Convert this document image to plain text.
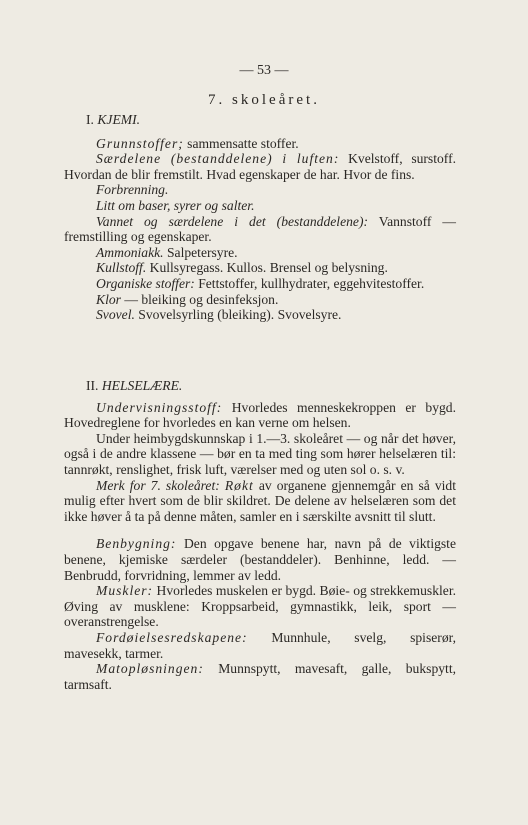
— 53 —
7. skoleåret.
I. KJEMI.

Grunnstoffer; sammensatte stoffer.

Særdelene (bestanddelene) i luften: Kvelstoff, surstoff. Hvordan de blir fremstilt. Hvad egenskaper de har. Hvor de fins.

Forbrenning.

Litt om baser, syrer og salter.

Vannet og særdelene i det (bestanddelene): Vannstoff — fremstilling og egenskaper.

Ammoniakk. Salpetersyre.

Kullstoff. Kullsyregass. Kullos. Brensel og belysning.

Organiske stoffer: Fettstoffer, kullhydrater, eggehvitestoffer.

Klor — bleiking og desinfeksjon.

Svovel. Svovelsyrling (bleiking). Svovelsyre.

II. HELSELÆRE.

Undervisningsstoff: Hvorledes menneskekroppen er bygd. Hovedreglene for hvorledes en kan verne om helsen.

Under heimbygdskunnskap i 1.—3. skoleåret — og når det høver, også i de andre klassene — bør en ta med ting som hører helselæren til: tannrøkt, renslighet, frisk luft, værelser med og uten sol o. s. v.

Merk for 7. skoleåret: Røkt av organene gjennemgår en så vidt mulig efter hvert som de blir skildret. De delene av helselæren som det ikke høver å ta på denne måten, samler en i særskilte avsnitt til slutt.

Benbygning: Den opgave benene har, navn på de viktigste benene, kjemiske særdeler (bestanddeler). Benhinne, ledd. — Benbrudd, forvridning, lemmer av ledd.

Muskler: Hvorledes muskelen er bygd. Bøie- og strekkemuskler. Øving av musklene: Kroppsarbeid, gymnastikk, leik, sport — overanstrengelse.

Fordøielsesredskapene: Munnhule, svelg, spiserør, mavesekk, tarmer.

Matopløsningen: Munnspytt, mavesaft, galle, bukspytt, tarmsaft.
